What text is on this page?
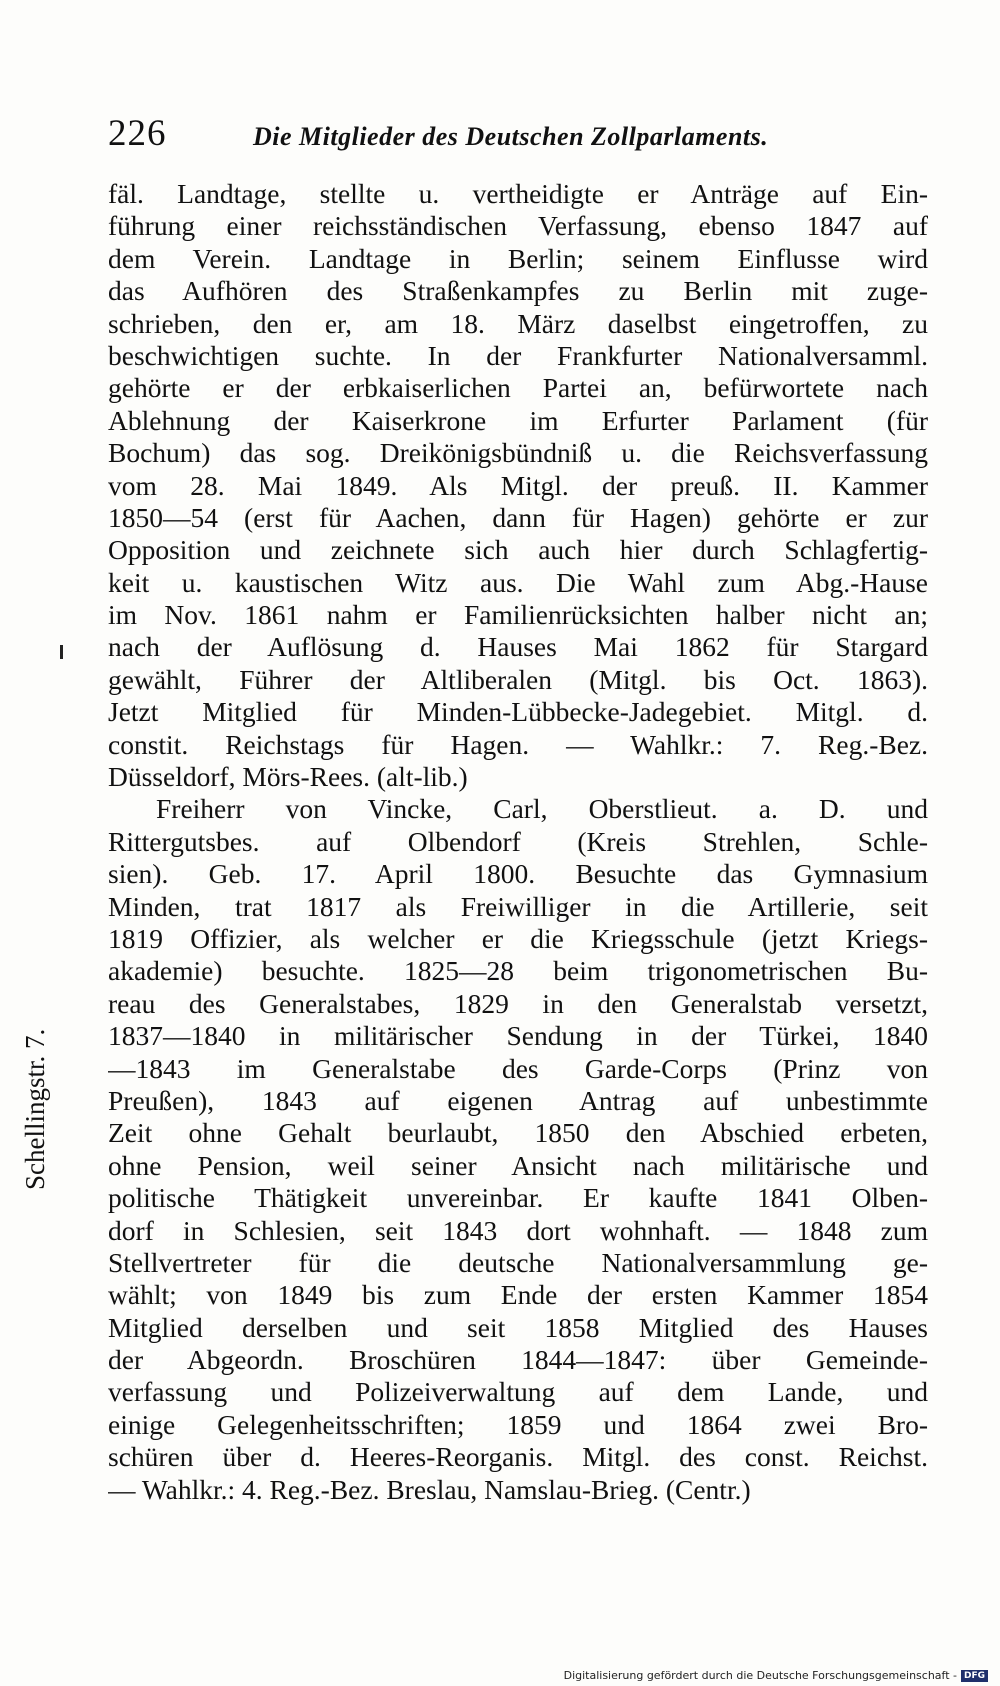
226	Die Mitglieder des Deutschen Zollparlaments.
fäl. Landtage, stellte u. vertheidigte er Anträge auf Ein-
führung einer reichsständischen Verfassung, ebenso 1847 auf
dem Verein. Landtage in Berlin; seinem Einflusse wird
das Aufhören des Straßenkampfes zu Berlin mit zuge-
schrieben, den er, am 18. März daselbst eingetroffen, zu
beschwichtigen suchte. In der Frankfurter Nationalversamml.
gehörte er der erbkaiserlichen Partei an, befürwortete nach
Ablehnung der Kaiserkrone im Erfurter Parlament (für
Bochum) das sog. Dreikönigsbündniß u. die Reichsverfassung
vom 28. Mai 1849. Als Mitgl. der preuß. II. Kammer
1850—54 (erst für Aachen, dann für Hagen) gehörte er zur
Opposition und zeichnete sich auch hier durch Schlagfertig-
keit u. kaustischen Witz aus. Die Wahl zum Abg.-Hause
im Nov. 1861 nahm er Familienrücksichten halber nicht an;
nach der Auflösung d. Hauses Mai 1862 für Stargard
gewählt, Führer der Altliberalen (Mitgl. bis Oct. 1863).
Jetzt Mitglied für Minden-Lübbecke-Jadegebiet. Mitgl. d.
constit. Reichstags für Hagen. — Wahlkr.: 7. Reg.-Bez.
Düsseldorf, Mörs-Rees. (alt-lib.)
Freiherr von Vincke, Carl, Oberstlieut. a. D. und
Rittergutsbes. auf Olbendorf (Kreis Strehlen, Schle-
sien). Geb. 17. April 1800. Besuchte das Gymnasium
Minden, trat 1817 als Freiwilliger in die Artillerie, seit
1819 Offizier, als welcher er die Kriegsschule (jetzt Kriegs-
akademie) besuchte. 1825—28 beim trigonometrischen Bu-
reau des Generalstabes, 1829 in den Generalstab versetzt,
1837—1840 in militärischer Sendung in der Türkei, 1840
—1843 im Generalstabe des Garde-Corps (Prinz von
Preußen), 1843 auf eigenen Antrag auf unbestimmte
Zeit ohne Gehalt beurlaubt, 1850 den Abschied erbeten,
ohne Pension, weil seiner Ansicht nach militärische und
politische Thätigkeit unvereinbar. Er kaufte 1841 Olben-
dorf in Schlesien, seit 1843 dort wohnhaft. — 1848 zum
Stellvertreter für die deutsche Nationalversammlung ge-
wählt; von 1849 bis zum Ende der ersten Kammer 1854
Mitglied derselben und seit 1858 Mitglied des Hauses
der Abgeordn. Broschüren 1844—1847: über Gemeinde-
verfassung und Polizeiverwaltung auf dem Lande, und
einige Gelegenheitsschriften; 1859 und 1864 zwei Bro-
schüren über d. Heeres-Reorganis. Mitgl. des const. Reichst.
— Wahlkr.: 4. Reg.-Bez. Breslau, Namslau-Brieg. (Centr.)
Schellingstr. 7.
Digitalisierung gefördert durch die Deutsche Forschungsgemeinschaft - DFG
